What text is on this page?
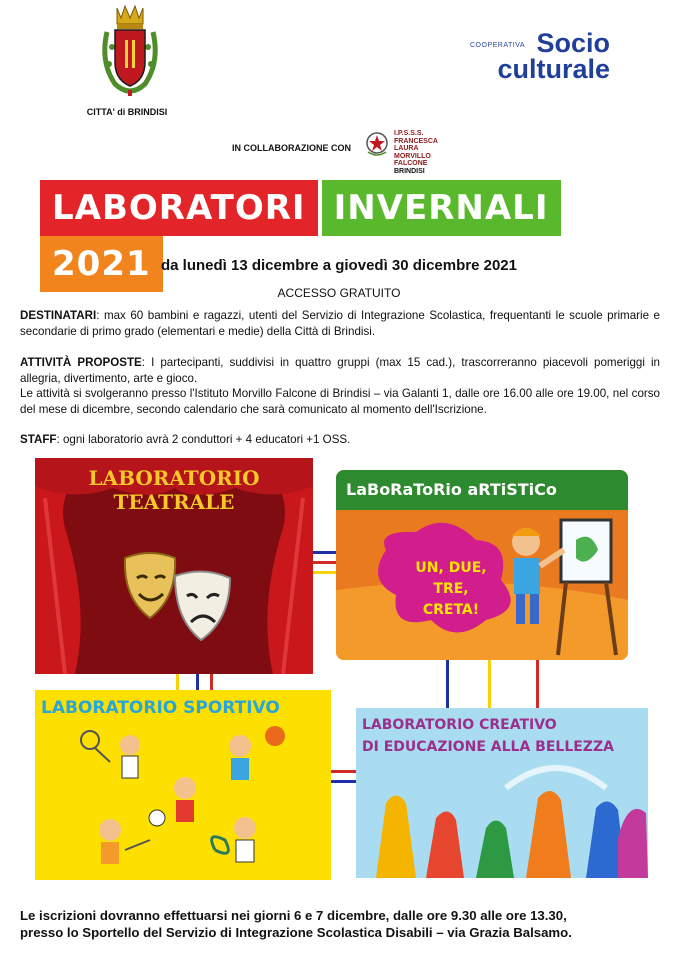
CITTA' di BRINDISI
COOPERATIVA Socio
culturale
IN COLLABORAZIONE CON
I.P.S.S.S.
FRANCESCA
LAURA
MORVILLO
FALCONE
BRINDISI
LABORATORI INVERNALI2021 da lunedì 13 dicembre a giovedì 30 dicembre 2021
ACCESSO GRATUITO
DESTINATARI: max 60 bambini e ragazzi, utenti del Servizio di Integrazione Scolastica, frequentanti le scuole primarie e secondarie di primo grado (elementari e medie) della Città di Brindisi.
ATTIVITÀ PROPOSTE: I partecipanti, suddivisi in quattro gruppi (max 15 cad.), trascorreranno piacevoli pomeriggi in allegria, divertimento, arte e gioco.
Le attività si svolgeranno presso l'Istituto Morvillo Falcone di Brindisi – via Galanti 1, dalle ore 16.00 alle ore 19.00, nel corso del mese di dicembre, secondo calendario che sarà comunicato al momento dell'Iscrizione.
STAFF: ogni laboratorio avrà 2 conduttori + 4 educatori +1 OSS.
LABORATORIO
TEATRALE
LaBoRaToRio aRTiSTiCo
UN, DUE,
TRE,
CRETA!
LABORATORIO SPORTIVO
LABORATORIO CREATIVO
DI EDUCAZIONE ALLA BELLEZZA
Le iscrizioni dovranno effettuarsi nei giorni 6 e 7 dicembre, dalle ore 9.30 alle ore 13.30,
presso lo Sportello del Servizio di Integrazione Scolastica Disabili – via Grazia Balsamo.
